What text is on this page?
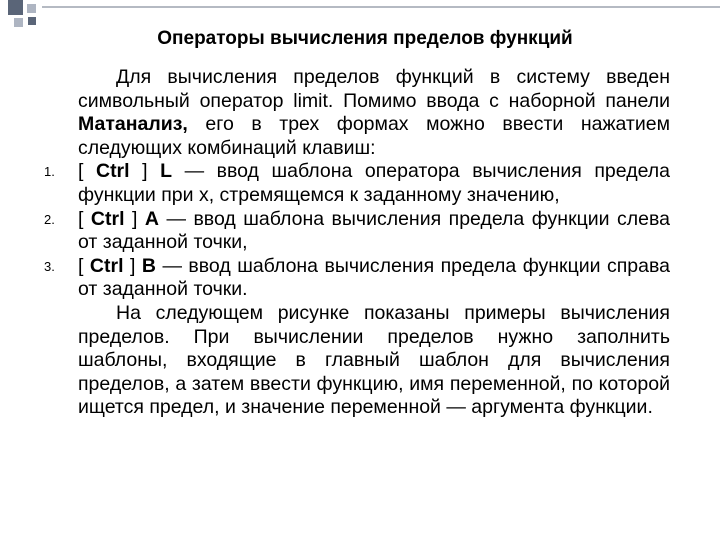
Операторы вычисления пределов функций

Для вычисления пределов функций в систему введен символьный оператор limit. Помимо ввода с наборной панели Матанализ, его в трех формах можно ввести нажатием следующих комбинаций клавиш:

1. [ Ctrl ] L — ввод шаблона оператора вычисления предела функции при x, стремящемся к заданному значению,
2. [ Ctrl ] A — ввод шаблона вычисления предела функции слева от заданной точки,
3. [ Ctrl ] B — ввод шаблона вычисления предела функции справа от заданной точки.

На следующем рисунке показаны примеры вычисления пределов. При вычислении пределов нужно заполнить шаблоны, входящие в главный шаблон для вычисления пределов, а затем ввести функцию, имя переменной, по которой ищется предел, и значение переменной — аргумента функции.
